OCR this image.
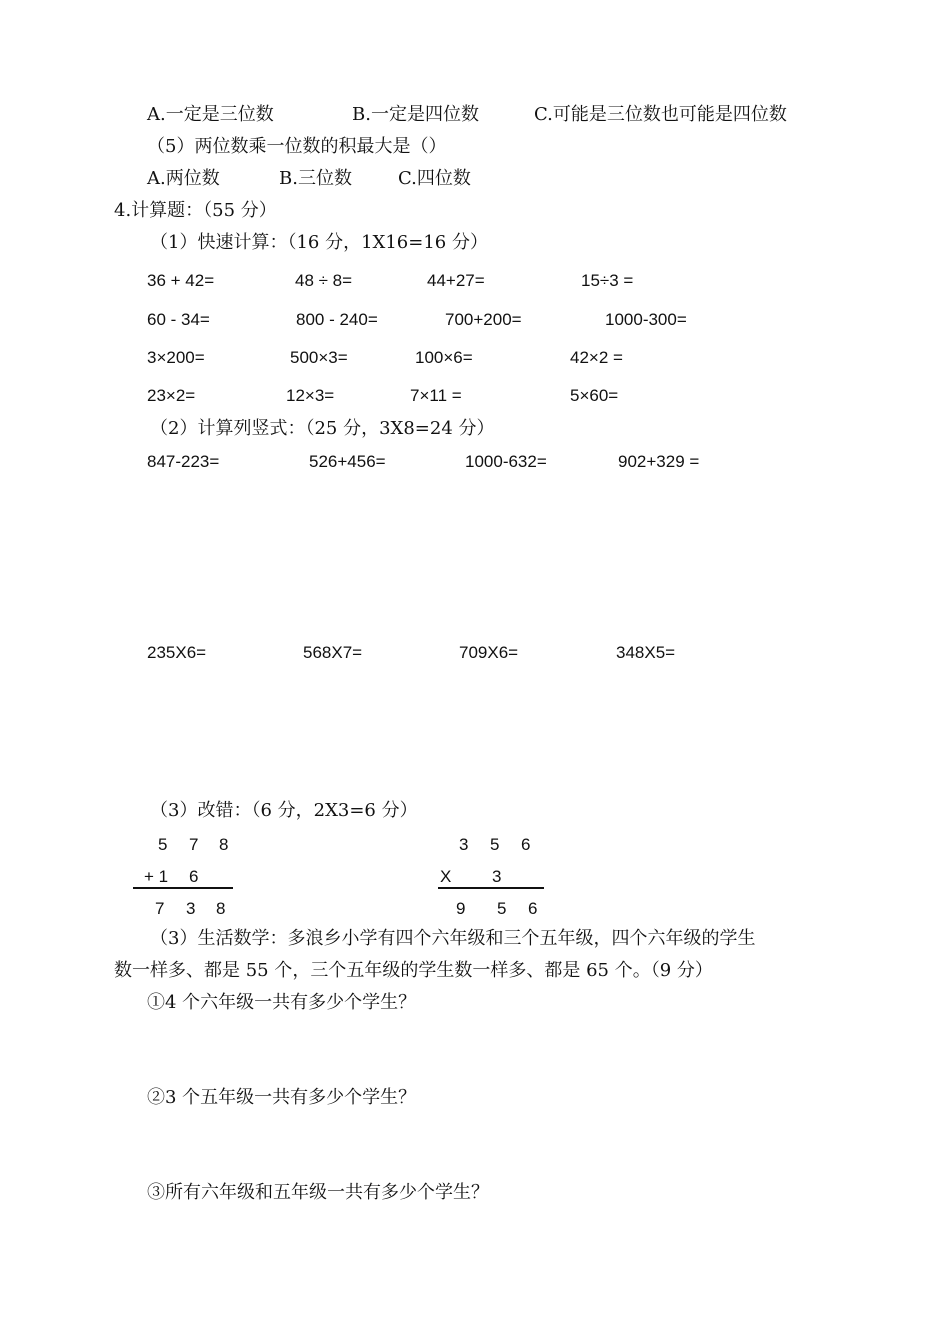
A.一定是三位数	B.一定是四位数	C.可能是三位数也可能是四位数
（5）两位数乘一位数的积最大是（）
A.两位数	B.三位数	C.四位数
4.计算题：（55 分）
（1）快速计算：（16 分，1X16=16 分）
36 + 42=	48 ÷ 8=	44+27=	15÷3 =
60 - 34=	800 - 240=	700+200=	1000-300=
3×200=	500×3=	100×6=	42×2 =
23×2=	12×3=	7×11 =	5×60=
（2）计算列竖式：（25 分，3X8=24 分）
847-223=	526+456=	1000-632=	902+329 =
235X6=	568X7=	709X6=	348X5=
（3）改错：（6 分，2X3=6 分）
5 7 8
+ 1 6
7 3 8
3 5 6
X 3
9 5 6
（3）生活数学：多浪乡小学有四个六年级和三个五年级，四个六年级的学生
数一样多、都是 55 个，三个五年级的学生数一样多、都是 65 个。（9 分）
①4 个六年级一共有多少个学生？
②3 个五年级一共有多少个学生？
③所有六年级和五年级一共有多少个学生？
